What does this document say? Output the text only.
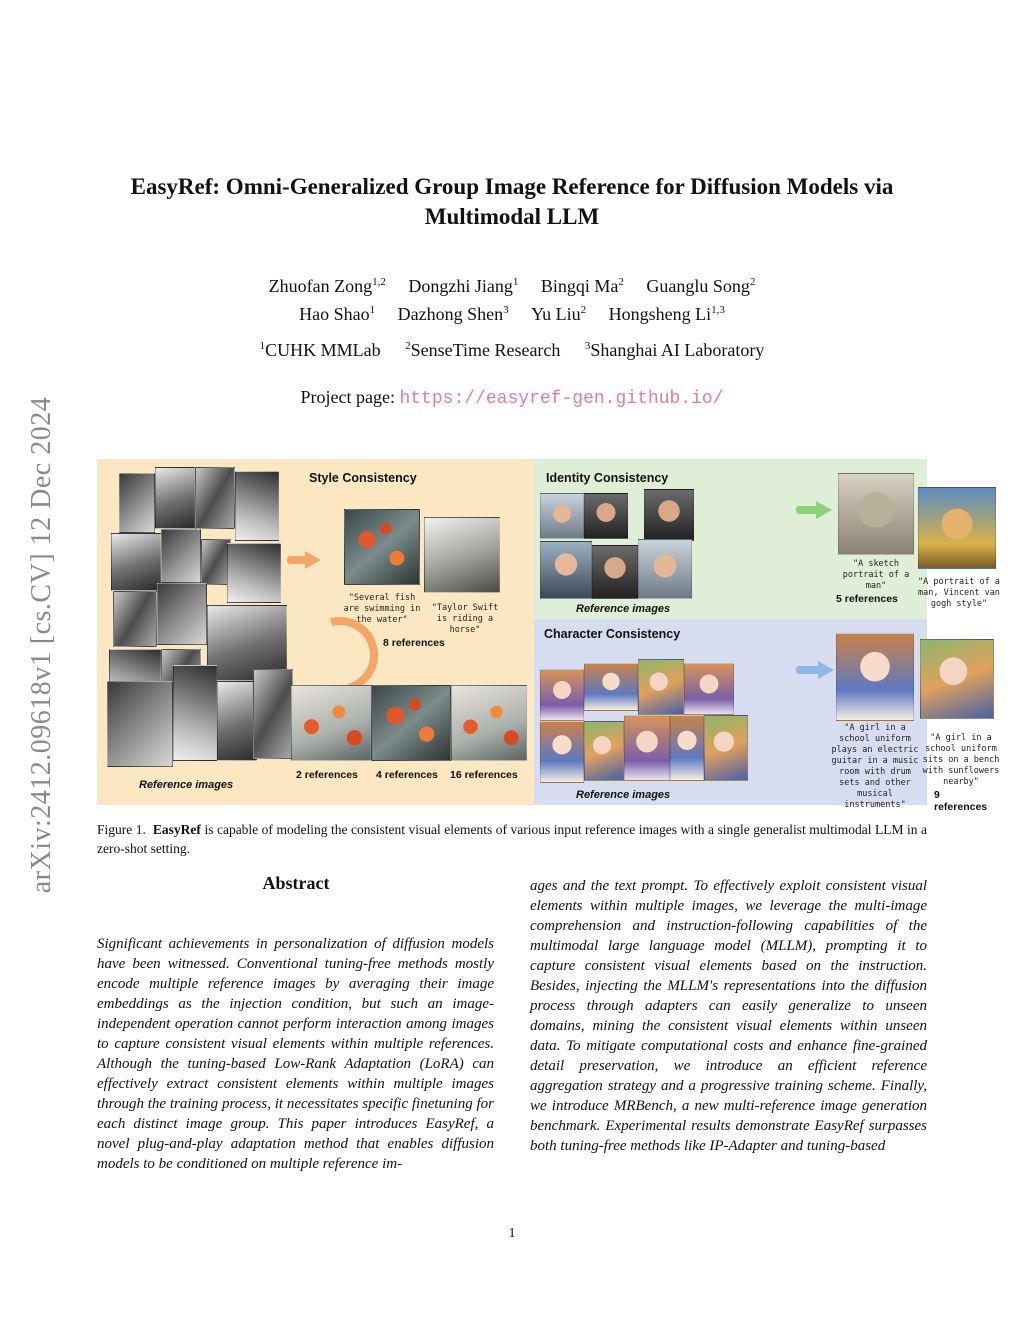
arXiv:2412.09618v1 [cs.CV] 12 Dec 2024
EasyRef: Omni-Generalized Group Image Reference for Diffusion Models via
Multimodal LLM
Zhuofan Zong$^{1,2}$ Dongzhi Jiang$^1$ Bingqi Ma$^2$ Guanglu Song$^2$
Hao Shao$^1$ Dazhong Shen$^3$ Yu Liu$^2$ Hongsheng Li$^{1,3}$
$^1$CUHK MMLab $^2$SenseTime Research $^3$Shanghai AI Laboratory
Project page: https://easyref-gen.github.io/
Style Consistency
Reference images
"Several fish are swimming in the water"
"Taylor Swift is riding a horse"
8 references
2 references 4 references 16 references
Identity Consistency
Reference images
"A sketch portrait of a man"	"A portrait of a man, Vincent van gogh style"
5 references
Character Consistency
Reference images
"A girl in a school uniform plays an electric guitar in a music room with drum sets and other musical instruments"
"A girl in a school uniform sits on a bench with sunflowers nearby"
9 references
Figure 1. EasyRef is capable of modeling the consistent visual elements of various input reference images with a single generalist multimodal LLM in a zero-shot setting.
Abstract
Significant achievements in personalization of diffusion models have been witnessed. Conventional tuning-free methods mostly encode multiple reference images by averaging their image embeddings as the injection condition, but such an image-independent operation cannot perform interaction among images to capture consistent visual elements within multiple references. Although the tuning-based Low-Rank Adaptation (LoRA) can effectively extract consistent elements within multiple images through the training process, it necessitates specific finetuning for each distinct image group. This paper introduces EasyRef, a novel plug-and-play adaptation method that enables diffusion models to be conditioned on multiple reference im-
ages and the text prompt. To effectively exploit consistent visual elements within multiple images, we leverage the multi-image comprehension and instruction-following capabilities of the multimodal large language model (MLLM), prompting it to capture consistent visual elements based on the instruction. Besides, injecting the MLLM's representations into the diffusion process through adapters can easily generalize to unseen domains, mining the consistent visual elements within unseen data. To mitigate computational costs and enhance fine-grained detail preservation, we introduce an efficient reference aggregation strategy and a progressive training scheme. Finally, we introduce MRBench, a new multi-reference image generation benchmark. Experimental results demonstrate EasyRef surpasses both tuning-free methods like IP-Adapter and tuning-based
1
